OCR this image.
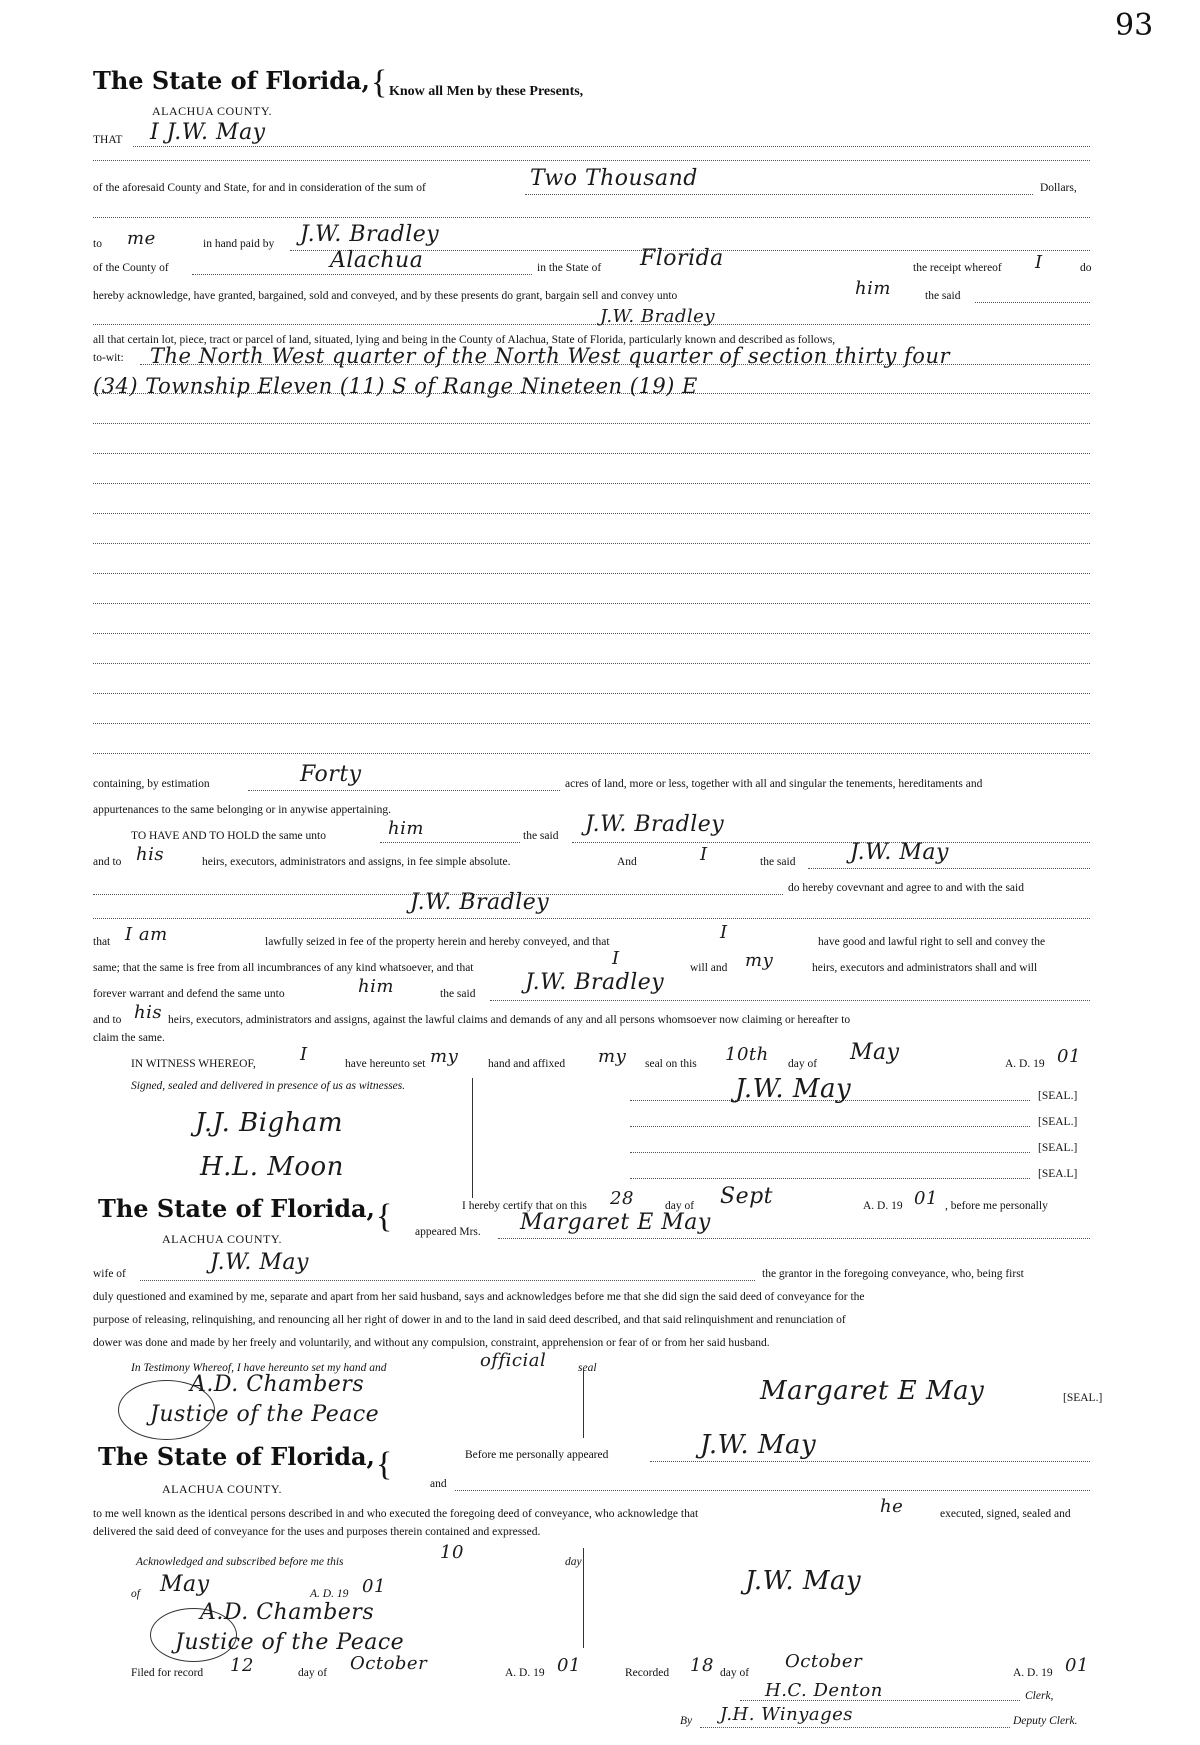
93
The State of Florida, { Know all Men by these Presents,
ALACHUA COUNTY.
THAT I J.W. May
of the aforesaid County and State, for and in consideration of the sum of	Two Thousand	Dollars,
to me	in hand paid by J.W. Bradley
of the County of	Alachua	in the State of Florida	the receipt whereof I	do
hereby acknowledge, have granted, bargained, sold and conveyed, and by these presents do grant, bargain sell and convey unto	him	the said
J.W. Bradley
all that certain lot, piece, tract or parcel of land, situated, lying and being in the County of Alachua, State of Florida, particularly known and described as follows,
to-wit: The North West quarter of the North West quarter of section thirty four
(34) Township Eleven (11) S of Range Nineteen (19) E
containing, by estimation	Forty	acres of land, more or less, together with all and singular the tenements, hereditaments and
appurtenances to the same belonging or in anywise appertaining.
TO HAVE AND TO HOLD the same unto	him	the said J.W. Bradley
and to his	heirs, executors, administrators and assigns, in fee simple absolute.	And	I	the said J.W. May
do hereby covevnant and agree to and with the said
J.W. Bradley
that I am	lawfully seized in fee of the property herein and hereby conveyed, and that	I	have good and lawful right to sell and convey the
same; that the same is free from all incumbrances of any kind whatsoever, and that	I	will and my	heirs, executors and administrators shall and will
forever warrant and defend the same unto	him	the said J.W. Bradley
and to his heirs, executors, administrators and assigns, against the lawful claims and demands of any and all persons whomsoever now claiming or hereafter to
claim the same.
IN WITNESS WHEREOF, I	have hereunto set my	hand and affixed my seal on this 10th day of May	A. D. 19 01
Signed, sealed and delivered in presence of us as witnesses.
J.J. Bigham
H.L. Moon
J.W. May	[SEAL.]
[SEAL.]
[SEAL.]
[SEA.L]
The State of Florida, {
ALACHUA COUNTY.
I hereby certify that on this 28	day of Sept	A. D. 19 01 , before me personally
appeared Mrs. Margaret E May
wife of	J.W. May	the grantor in the foregoing conveyance, who, being first
duly questioned and examined by me, separate and apart from her said husband, says and acknowledges before me that she did sign the said deed of conveyance for the
purpose of releasing, relinquishing, and renouncing all her right of dower in and to the land in said deed described, and that said relinquishment and renunciation of
dower was done and made by her freely and voluntarily, and without any compulsion, constraint, apprehension or fear of or from her said husband.
In Testimony Whereof, I have hereunto set my hand and	official	seal
A.D. Chambers
Justice of the Peace
Margaret E May	[SEAL.]
The State of Florida, {
ALACHUA COUNTY.
Before me personally appeared	J.W. May
and
to me well known as the identical persons described in and who executed the foregoing deed of conveyance, who acknowledge that	he	executed, signed, sealed and
delivered the said deed of conveyance for the uses and purposes therein contained and expressed.
Acknowledged and subscribed before me this	10	day
of May	A. D. 19 01
A.D. Chambers
Justice of the Peace
J.W. May
Filed for record 12	day of October	A. D. 19 01	Recorded 18 day of
October
A. D. 19 01
H.C. Denton	Clerk,
By J.H. Winyages	Deputy Clerk.
